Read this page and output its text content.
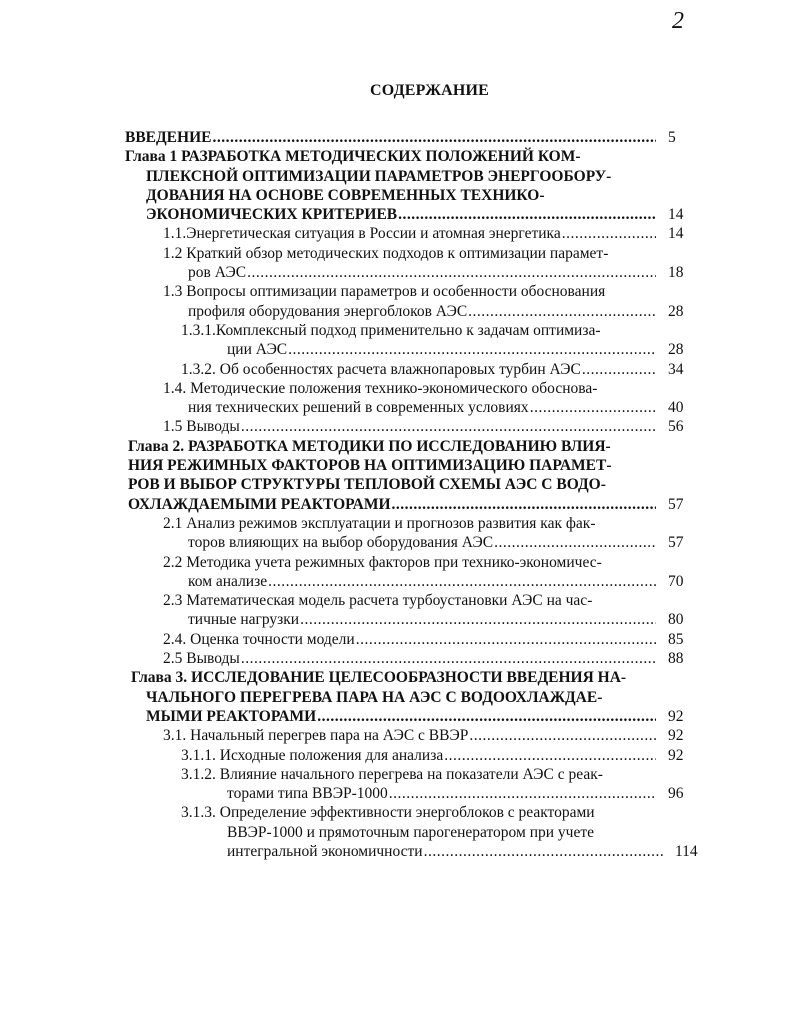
2
СОДЕРЖАНИЕ
ВВЕДЕНИЕ .....	5
Глава 1 РАЗРАБОТКА МЕТОДИЧЕСКИХ ПОЛОЖЕНИЙ КОМ-
ПЛЕКСНОЙ ОПТИМИЗАЦИИ ПАРАМЕТРОВ ЭНЕРГООБОРУ-
ДОВАНИЯ НА ОСНОВЕ СОВРЕМЕННЫХ ТЕХНИКО-
ЭКОНОМИЧЕСКИХ КРИТЕРИЕВ .....	14
1.1.Энергетическая ситуация в России и атомная энергетика .....	14
1.2 Краткий обзор методических подходов к оптимизации парамет-
ров АЭС .....	18
1.3 Вопросы оптимизации параметров и особенности обоснования
профиля оборудования энергоблоков АЭС .....	28
1.3.1.Комплексный подход применительно к задачам оптимиза-
ции АЭС .....	28
1.3.2. Об особенностях расчета влажнопаровых турбин АЭС .....	34
1.4. Методические положения технико-экономического обоснова-
ния технических решений в современных условиях .....	40
1.5 Выводы .....	56
Глава 2. РАЗРАБОТКА МЕТОДИКИ ПО ИССЛЕДОВАНИЮ ВЛИЯ-
НИЯ РЕЖИМНЫХ ФАКТОРОВ НА ОПТИМИЗАЦИЮ ПАРАМЕТ-
РОВ И ВЫБОР СТРУКТУРЫ ТЕПЛОВОЙ СХЕМЫ АЭС С ВОДО-
ОХЛАЖДАЕМЫМИ РЕАКТОРАМИ .....	57
2.1 Анализ режимов эксплуатации и прогнозов развития как фак-
торов влияющих на выбор оборудования АЭС .....	57
2.2 Методика учета режимных факторов при технико-экономичес-
ком анализе .....	70
2.3 Математическая модель расчета турбоустановки АЭС на час-
тичные нагрузки .....	80
2.4. Оценка точности модели .....	85
2.5 Выводы .....	88
Глава 3. ИССЛЕДОВАНИЕ ЦЕЛЕСООБРАЗНОСТИ ВВЕДЕНИЯ НА-
ЧАЛЬНОГО ПЕРЕГРЕВА ПАРА НА АЭС С ВОДООХЛАЖДАЕ-
МЫМИ РЕАКТОРАМИ .....	92
3.1. Начальный перегрев пара на АЭС с ВВЭР .....	92
3.1.1. Исходные положения для анализа .....	92
3.1.2. Влияние начального перегрева на показатели АЭС с реак-
торами типа ВВЭР-1000 .....	96
3.1.3. Определение эффективности энергоблоков с реакторами
ВВЭР-1000 и прямоточным парогенератором при учете
интегральной экономичности .....	114
